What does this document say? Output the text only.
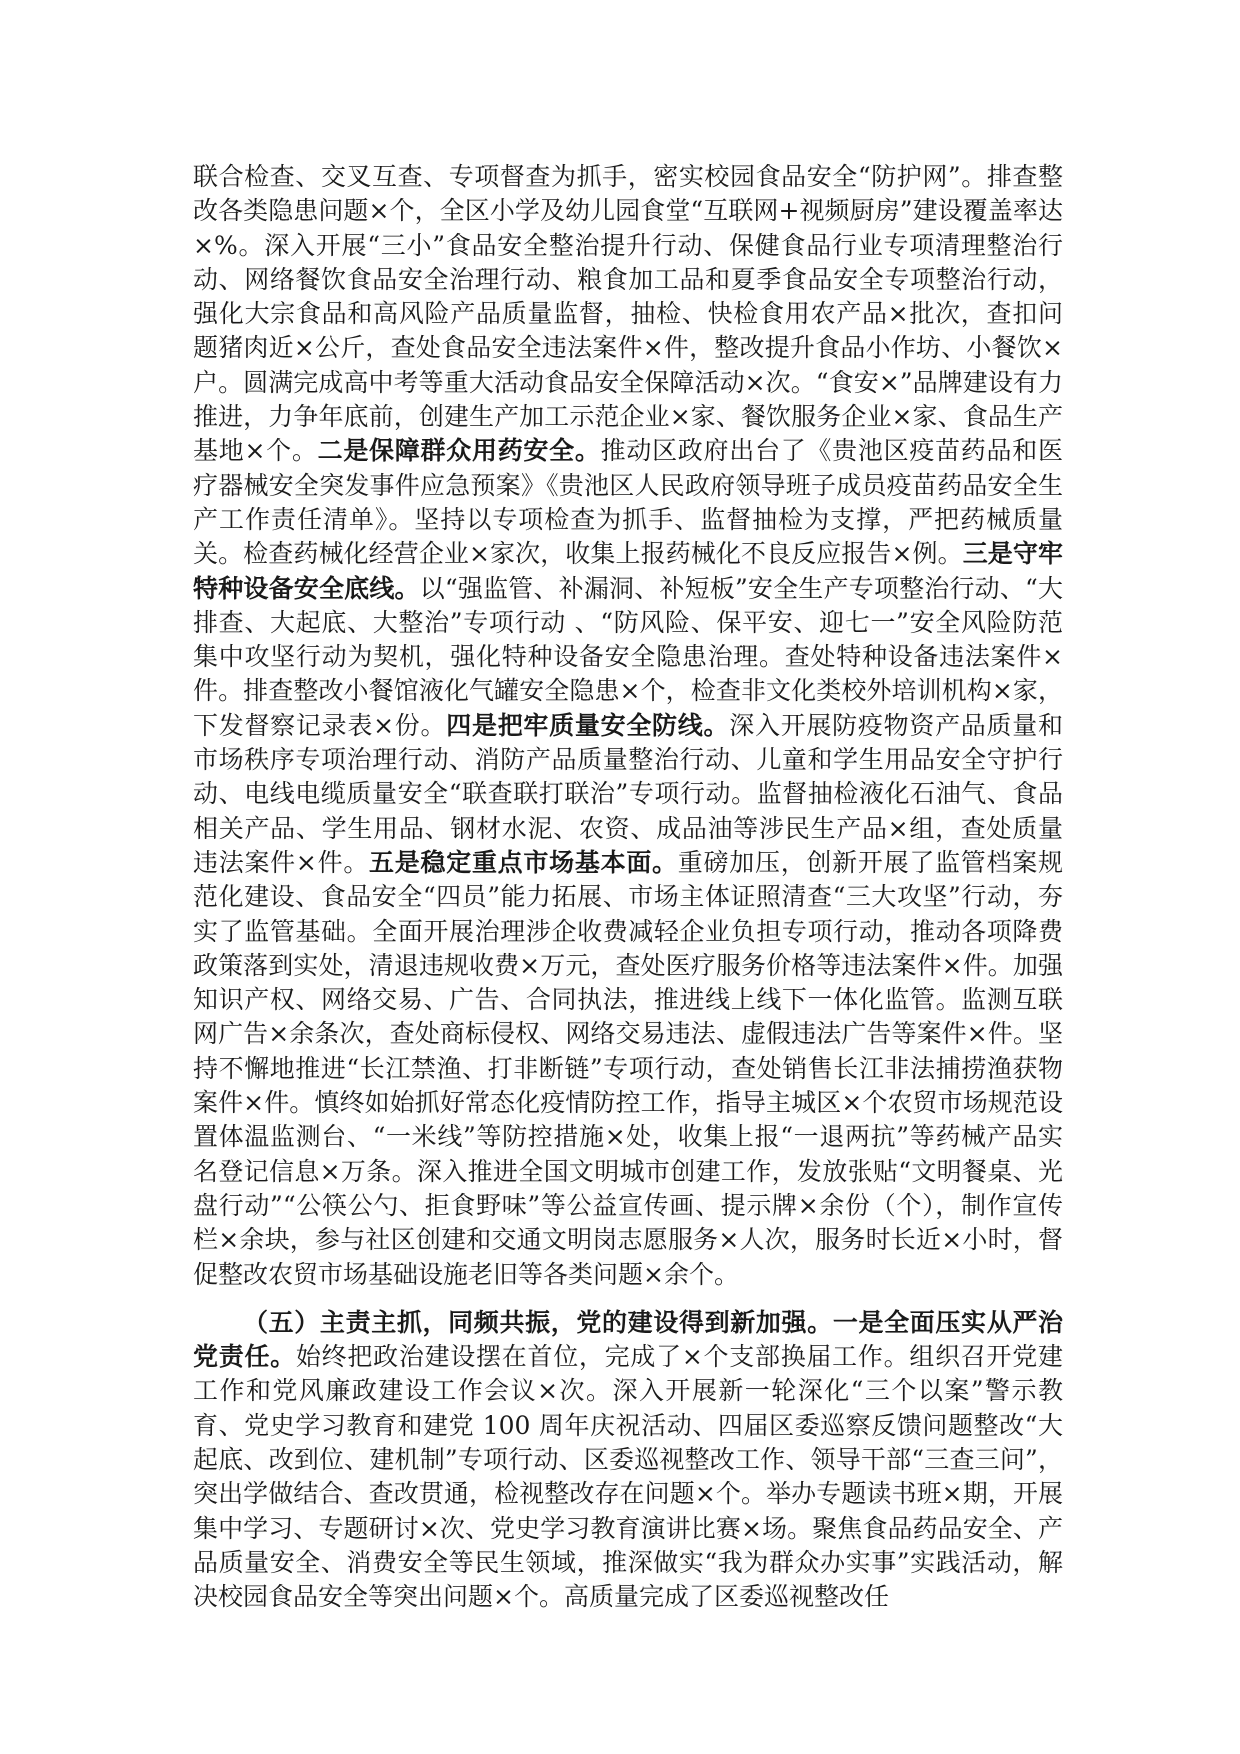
联合检查、交叉互查、专项督查为抓手，密实校园食品安全“防护网”。排查整改各类隐患问题×个，全区小学及幼儿园食堂“互联网+视频厨房”建设覆盖率达×%。深入开展“三小”食品安全整治提升行动、保健食品行业专项清理整治行动、网络餐饮食品安全治理行动、粮食加工品和夏季食品安全专项整治行动，强化大宗食品和高风险产品质量监督，抽检、快检食用农产品×批次，查扣问题猪肉近×公斤，查处食品安全违法案件×件，整改提升食品小作坊、小餐饮×户。圆满完成高中考等重大活动食品安全保障活动×次。“食安×”品牌建设有力推进，力争年底前，创建生产加工示范企业×家、餐饮服务企业×家、食品生产基地×个。二是保障群众用药安全。推动区政府出台了《贵池区疫苗药品和医疗器械安全突发事件应急预案》《贵池区人民政府领导班子成员疫苗药品安全生产工作责任清单》。坚持以专项检查为抓手、监督抽检为支撑，严把药械质量关。检查药械化经营企业×家次，收集上报药械化不良反应报告×例。三是守牢特种设备安全底线。以“强监管、补漏洞、补短板”安全生产专项整治行动、“大排查、大起底、大整治”专项行动 、“防风险、保平安、迎七一”安全风险防范集中攻坚行动为契机，强化特种设备安全隐患治理。查处特种设备违法案件×件。排查整改小餐馆液化气罐安全隐患×个，检查非文化类校外培训机构×家，下发督察记录表×份。四是把牢质量安全防线。深入开展防疫物资产品质量和市场秩序专项治理行动、消防产品质量整治行动、儿童和学生用品安全守护行动、电线电缆质量安全“联查联打联治”专项行动。监督抽检液化石油气、食品相关产品、学生用品、钢材水泥、农资、成品油等涉民生产品×组，查处质量违法案件×件。五是稳定重点市场基本面。重磅加压，创新开展了监管档案规范化建设、食品安全“四员”能力拓展、市场主体证照清查“三大攻坚”行动，夯实了监管基础。全面开展治理涉企收费减轻企业负担专项行动，推动各项降费政策落到实处，清退违规收费×万元，查处医疗服务价格等违法案件×件。加强知识产权、网络交易、广告、合同执法，推进线上线下一体化监管。监测互联网广告×余条次，查处商标侵权、网络交易违法、虚假违法广告等案件×件。坚持不懈地推进“长江禁渔、打非断链”专项行动，查处销售长江非法捕捞渔获物案件×件。慎终如始抓好常态化疫情防控工作，指导主城区×个农贸市场规范设置体温监测台、“一米线”等防控措施×处，收集上报“一退两抗”等药械产品实名登记信息×万条。深入推进全国文明城市创建工作，发放张贴“文明餐桌、光盘行动”“公筷公勺、拒食野味”等公益宣传画、提示牌×余份（个），制作宣传栏×余块，参与社区创建和交通文明岗志愿服务×人次，服务时长近×小时，督促整改农贸市场基础设施老旧等各类问题×余个。

（五）主责主抓，同频共振，党的建设得到新加强。一是全面压实从严治党责任。始终把政治建设摆在首位，完成了×个支部换届工作。组织召开党建工作和党风廉政建设工作会议×次。深入开展新一轮深化“三个以案”警示教育、党史学习教育和建党 100 周年庆祝活动、四届区委巡察反馈问题整改“大起底、改到位、建机制”专项行动、区委巡视整改工作、领导干部“三查三问”，突出学做结合、查改贯通，检视整改存在问题×个。举办专题读书班×期，开展集中学习、专题研讨×次、党史学习教育演讲比赛×场。聚焦食品药品安全、产品质量安全、消费安全等民生领域，推深做实“我为群众办实事”实践活动，解决校园食品安全等突出问题×个。高质量完成了区委巡视整改任
